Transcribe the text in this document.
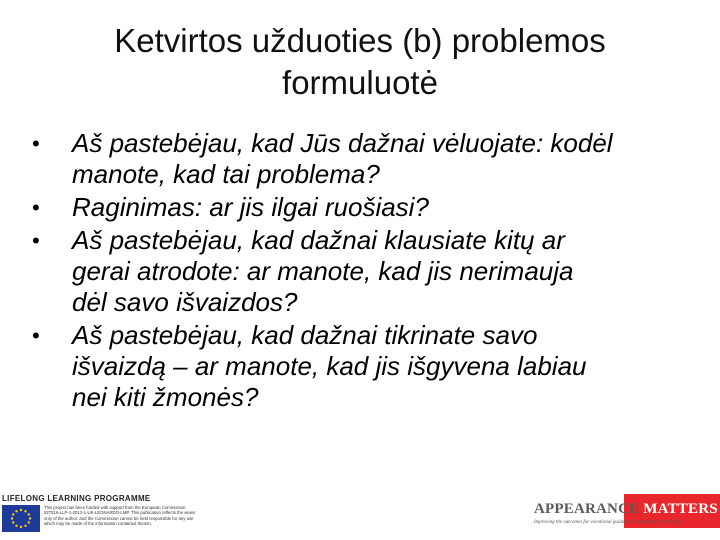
Ketvirtos užduoties (b) problemos
formuluotė
• Aš pastebėjau, kad Jūs dažnai vėluojate: kodėl
manote, kad tai problema?
• Raginimas: ar jis ilgai ruošiasi?
• Aš pastebėjau, kad dažnai klausiate kitų ar
gerai atrodote: ar manote, kad jis nerimauja
dėl savo išvaizdos?
• Aš pastebėjau, kad dažnai tikrinate savo
išvaizdą – ar manote, kad jis išgyvena labiau
nei kiti žmonės?
LIFELONG LEARNING PROGRAMME
This project has been funded with support from the European Commission. 527516-LLP-1-2012-1-UK-LEONARDO-LMP. This publication reflects the views only of the author, and the Commission cannot be held responsible for any use which may be made of the information contained therein.
APPEARANCE MATTERS
Improving the outcomes for vocational guidance counselling and training
